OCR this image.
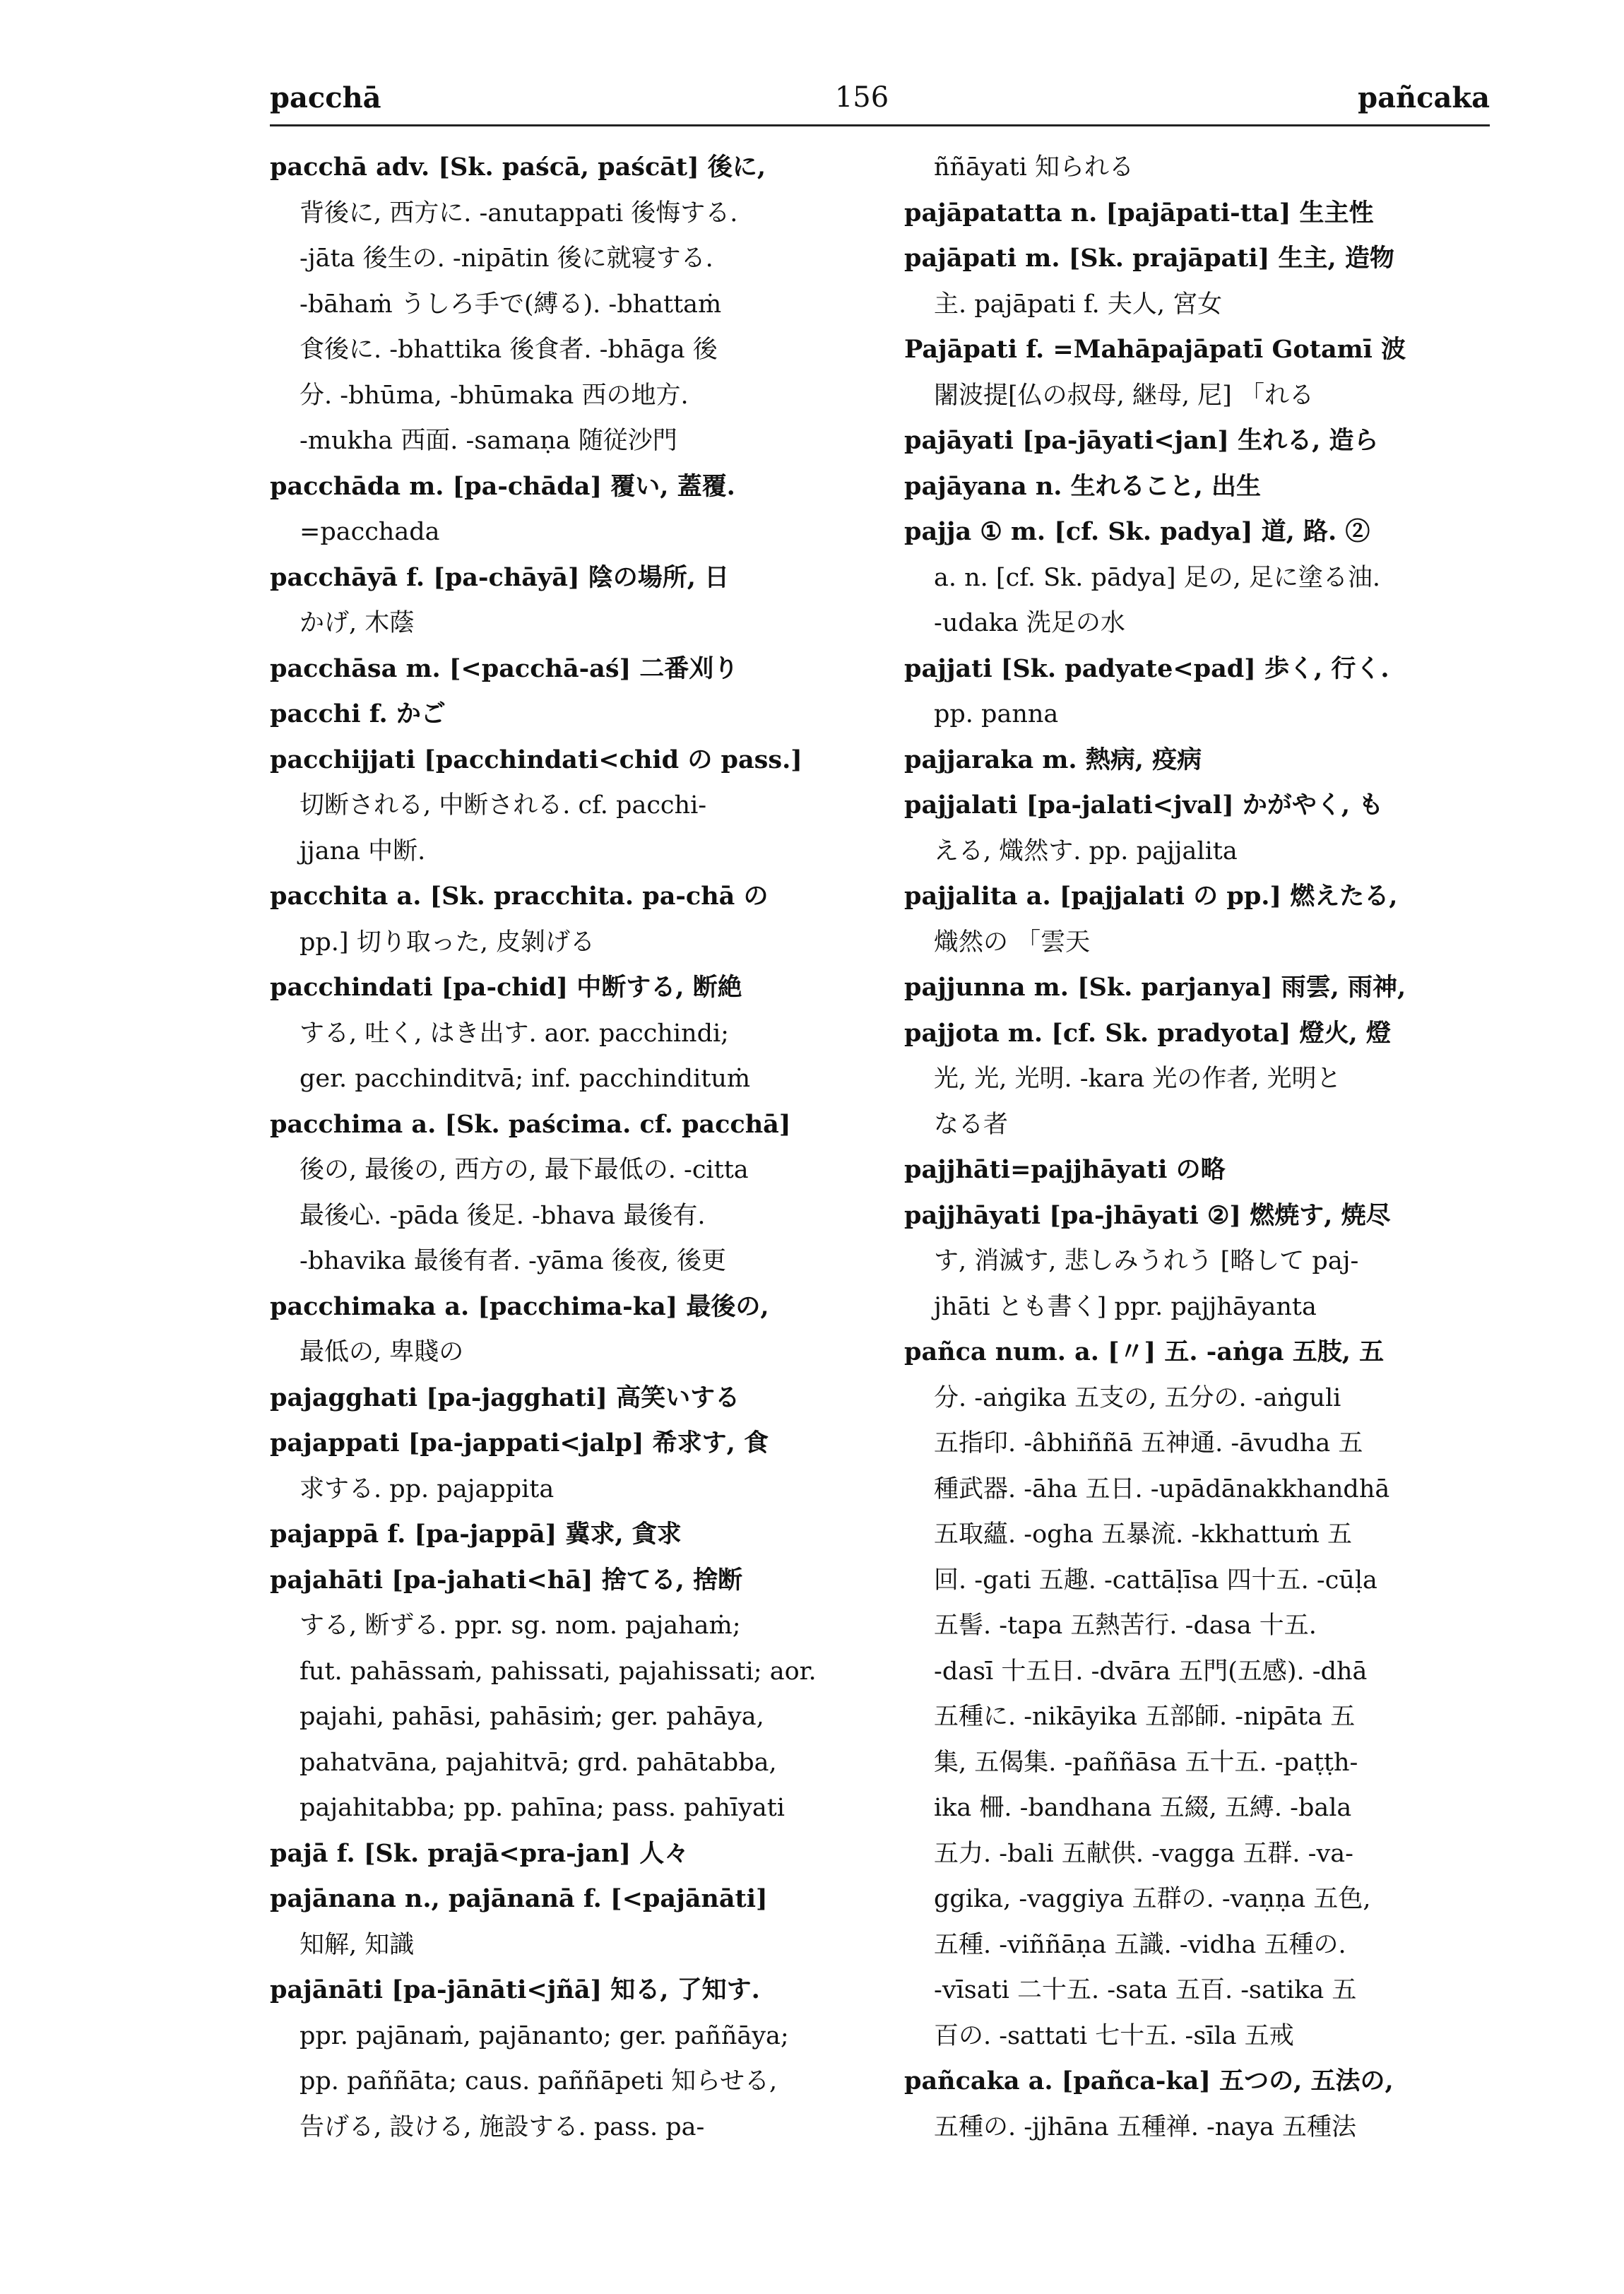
pacchā	156	pañcaka
pacchā adv. [Sk. paścā, paścāt] 後に,
背後に, 西方に. -anutappati 後悔する.
-jāta 後生の. -nipātin 後に就寝する.
-bāhaṁ うしろ手で(縛る). -bhattaṁ
食後に. -bhattika 後食者. -bhāga 後
分. -bhūma, -bhūmaka 西の地方.
-mukha 西面. -samaṇa 随従沙門
pacchāda m. [pa-chāda] 覆い, 蓋覆.
=pacchada
pacchāyā f. [pa-chāyā] 陰の場所, 日
かげ, 木蔭
pacchāsa m. [<pacchā-aś] 二番刈り
pacchi f. かご
pacchijjati [pacchindati<chid の pass.]
切断される, 中断される. cf. pacchi-
jjana 中断.
pacchita a. [Sk. pracchita. pa-chā の
pp.] 切り取った, 皮剝げる
pacchindati [pa-chid] 中断する, 断絶
する, 吐く, はき出す. aor. pacchindi;
ger. pacchinditvā; inf. pacchindituṁ
pacchima a. [Sk. paścima. cf. pacchā]
後の, 最後の, 西方の, 最下最低の. -citta
最後心. -pāda 後足. -bhava 最後有.
-bhavika 最後有者. -yāma 後夜, 後更
pacchimaka a. [pacchima-ka] 最後の,
最低の, 卑賤の
pajagghati [pa-jagghati] 高笑いする
pajappati [pa-jappati<jalp] 希求す, 食
求する. pp. pajappita
pajappā f. [pa-jappā] 冀求, 貪求
pajahāti [pa-jahati<hā] 捨てる, 捨断
する, 断ずる. ppr. sg. nom. pajahaṁ;
fut. pahāssaṁ, pahissati, pajahissati; aor.
pajahi, pahāsi, pahāsiṁ; ger. pahāya,
pahatvāna, pajahitvā; grd. pahātabba,
pajahitabba; pp. pahīna; pass. pahīyati
pajā f. [Sk. prajā<pra-jan] 人々
pajānana n., pajānanā f. [<pajānāti]
知解, 知識
pajānāti [pa-jānāti<jñā] 知る, 了知す.
ppr. pajānaṁ, pajānanto; ger. paññāya;
pp. paññāta; caus. paññāpeti 知らせる,
告げる, 設ける, 施設する. pass. pa-
ññāyati 知られる
pajāpatatta n. [pajāpati-tta] 生主性
pajāpati m. [Sk. prajāpati] 生主, 造物
主. pajāpati f. 夫人, 宮女
Pajāpati f. =Mahāpajāpatī Gotamī 波
闍波提[仏の叔母, 継母, 尼] 「れる
pajāyati [pa-jāyati<jan] 生れる, 造ら
pajāyana n. 生れること, 出生
pajja ① m. [cf. Sk. padya] 道, 路. ②
a. n. [cf. Sk. pādya] 足の, 足に塗る油.
-udaka 洗足の水
pajjati [Sk. padyate<pad] 歩く, 行く.
pp. panna
pajjaraka m. 熱病, 疫病
pajjalati [pa-jalati<jval] かがやく, も
える, 熾然す. pp. pajjalita
pajjalita a. [pajjalati の pp.] 燃えたる,
熾然の 「雲天
pajjunna m. [Sk. parjanya] 雨雲, 雨神,
pajjota m. [cf. Sk. pradyota] 燈火, 燈
光, 光, 光明. -kara 光の作者, 光明と
なる者
pajjhāti=pajjhāyati の略
pajjhāyati [pa-jhāyati ②] 燃焼す, 焼尽
す, 消滅す, 悲しみうれう [略して paj-
jhāti とも書く] ppr. pajjhāyanta
pañca num. a. [〃] 五. -aṅga 五肢, 五
分. -aṅgika 五支の, 五分の. -aṅguli
五指印. -âbhiññā 五神通. -āvudha 五
種武器. -āha 五日. -upādānakkhandhā
五取蘊. -ogha 五暴流. -kkhattuṁ 五
回. -gati 五趣. -cattāḷīsa 四十五. -cūḷa
五髻. -tapa 五熱苦行. -dasa 十五.
-dasī 十五日. -dvāra 五門(五感). -dhā
五種に. -nikāyika 五部師. -nipāta 五
集, 五偈集. -paññāsa 五十五. -paṭṭh-
ika 柵. -bandhana 五綴, 五縛. -bala
五力. -bali 五献供. -vagga 五群. -va-
ggika, -vaggiya 五群の. -vaṇṇa 五色,
五種. -viññāṇa 五識. -vidha 五種の.
-vīsati 二十五. -sata 五百. -satika 五
百の. -sattati 七十五. -sīla 五戒
pañcaka a. [pañca-ka] 五つの, 五法の,
五種の. -jjhāna 五種禅. -naya 五種法
